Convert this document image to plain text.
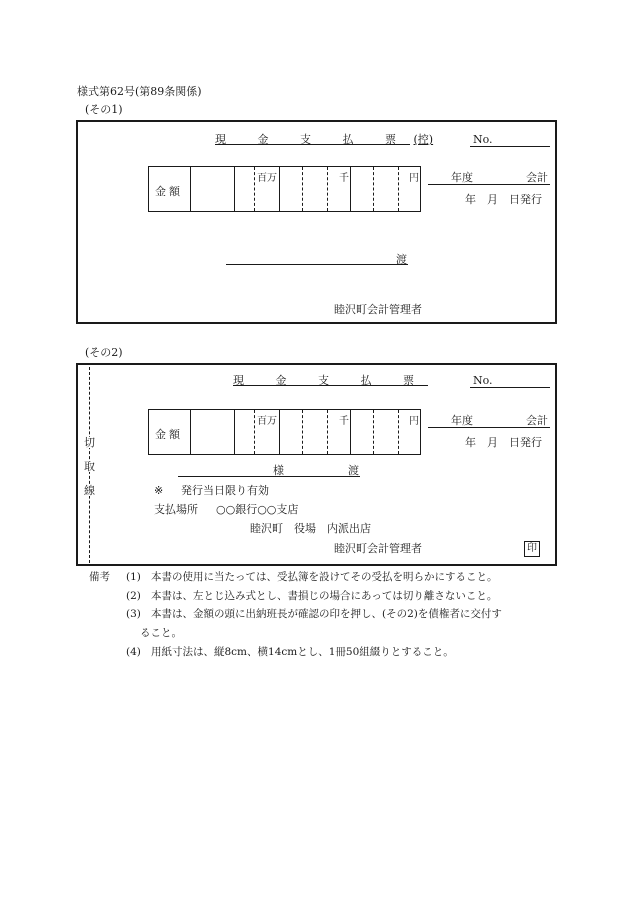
様式第62号(第89条関係)
(その1)
現 金 支 払 票 (控)	No.
金額
百万	千	円	年度	会計
年　月　日発行
渡
睦沢町会計管理者
(その2)
切
取
線
現 金 支 払 票	No.
金額
百万	千	円	年度	会計
年　月　日発行
様	渡
※ 発行当日限り有効
支払場所 ○○銀行○○支店
睦沢町　役場　内派出店
睦沢町会計管理者	印
備考 (1) 本書の使用に当たっては、受払簿を設けてその受払を明らかにすること。
(2) 本書は、左とじ込み式とし、書損じの場合にあっては切り離さないこと。
(3) 本書は、金額の頭に出納班長が確認の印を押し、(その2)を債権者に交付す
ること。
(4) 用紙寸法は、縦8cm、横14cmとし、1冊50組綴りとすること。
